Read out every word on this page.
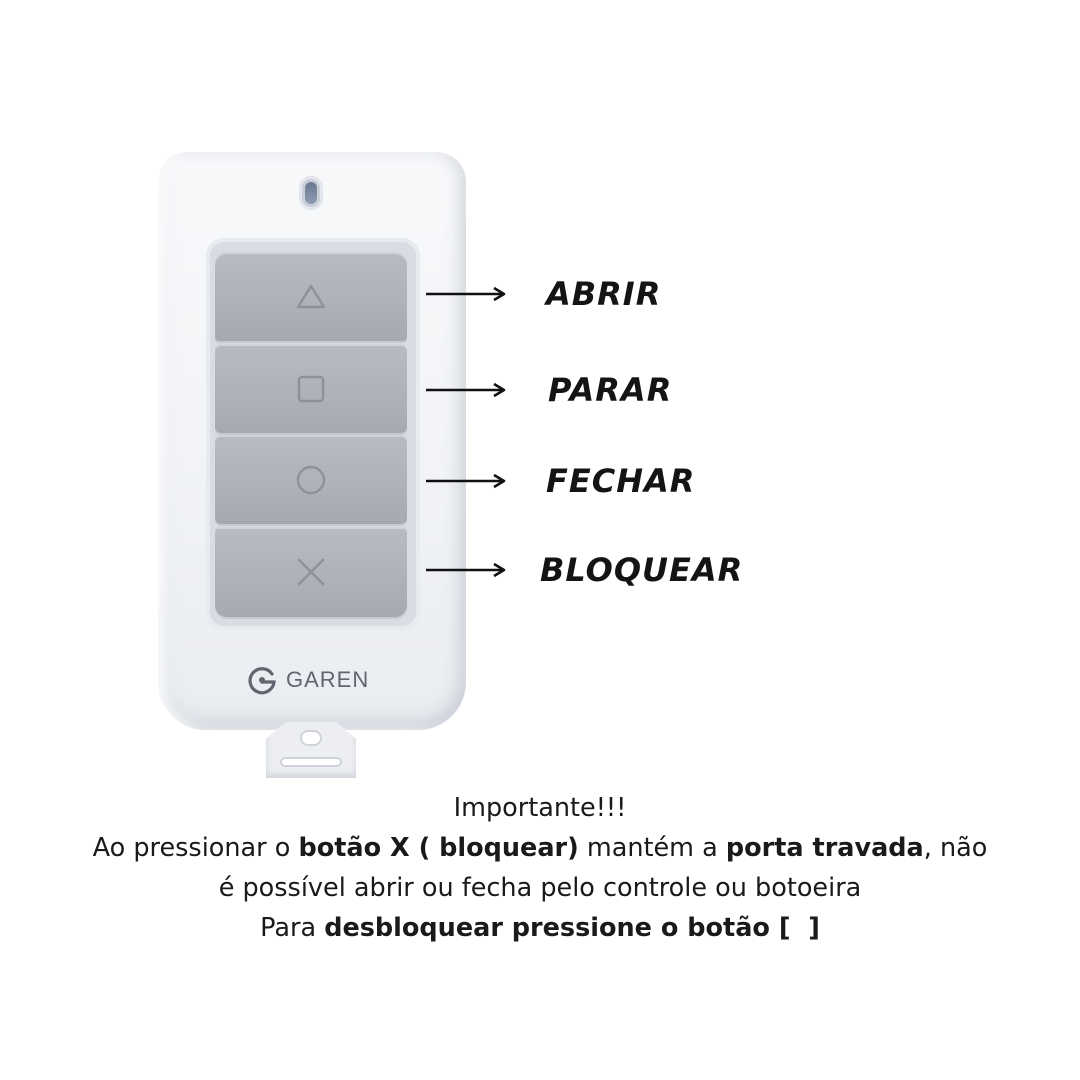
GAREN
ABRIR
PARAR
FECHAR
BLOQUEAR
Importante!!!
Ao pressionar o botão X ( bloquear) mantém a porta travada, não
é possível abrir ou fecha pelo controle ou botoeira
Para desbloquear pressione o botão [  ]
